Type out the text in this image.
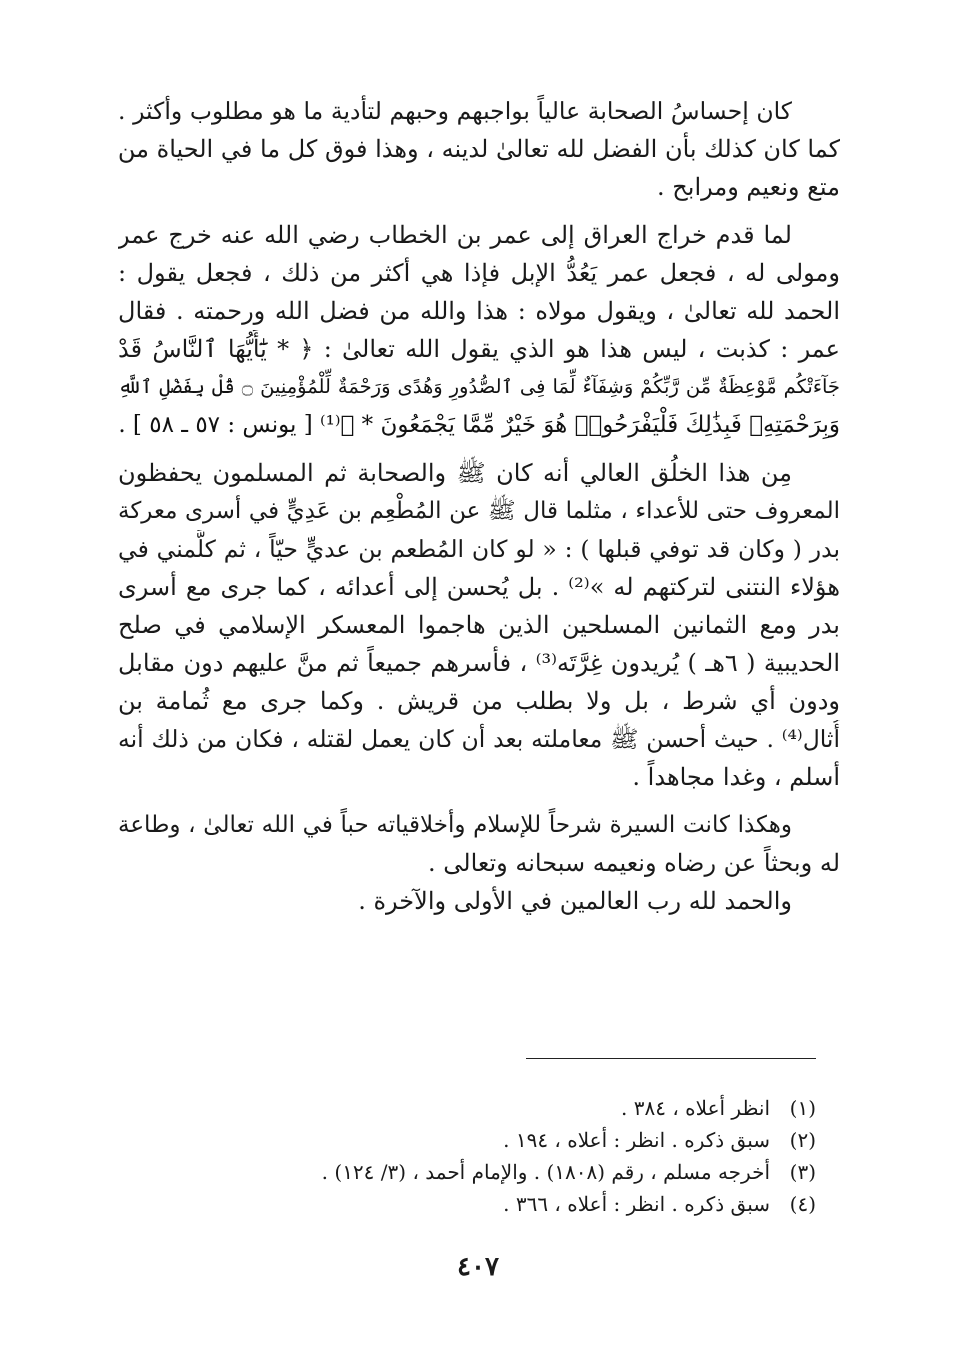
كان إحساسُ الصحابة عالياً بواجبهم وحبهم لتأدية ما هو مطلوب وأكثر .
كما كان كذلك بأن الفضل لله تعالىٰ لدينه ، وهذا فوق كل ما في الحياة من
متع ونعيم ومرابح .
لما قدم خراج العراق إلى عمر بن الخطاب رضي الله عنه خرج عمر
ومولى له ، فجعل عمر يَعُدُّ الإبل فإذا هي أكثر من ذلك ، فجعل يقول :
الحمد لله تعالىٰ ، ويقول مولاه : هذا والله من فضل الله ورحمته . فقال
عمر : كذبت ، ليس هذا هو الذي يقول الله تعالىٰ : ﴿ * يَٰٓأَيُّهَا ٱلنَّاسُ قَدْ
جَآءَتْكُم مَّوْعِظَةٌ مِّن رَّبِّكُمْ وَشِفَآءٌ لِّمَا فِى ٱلصُّدُورِ وَهُدًى وَرَحْمَةٌ لِّلْمُؤْمِنِينَ ۝ قُلْ بِفَضْلِ ٱللَّهِ
وَبِرَحْمَتِهِۦ فَبِذَٰلِكَ فَلْيَفْرَحُوا۟ هُوَ خَيْرٌ مِّمَّا يَجْمَعُونَ * ﴾⁽¹⁾ [ يونس : ٥٧ ـ ٥٨ ] .
مِن هذا الخلُق العالي أنه كان ﷺ والصحابة ثم المسلمون يحفظون
المعروف حتى للأعداء ، مثلما قال ﷺ عن المُطْعِم بن عَدِيٍّ في أسرى معركة
بدر ( وكان قد توفي قبلها ) : « لو كان المُطعم بن عديٍّ حيّاً ، ثم كلَّمني في
هؤلاء النتنى لتركتهم له »⁽²⁾ . بل يُحسن إلى أعدائه ، كما جرى مع أسرى
بدر ومع الثمانين المسلحين الذين هاجموا المعسكر الإسلامي في صلح
الحديبية ( ٦هـ ) يُريدون غِرَّتَه⁽³⁾ ، فأسرهم جميعاً ثم منَّ عليهم دون مقابل
ودون أي شرط ، بل ولا بطلب من قريش . وكما جرى مع ثُمامة بن
أُثال⁽⁴⁾ . حيث أحسن ﷺ معاملته بعد أن كان يعمل لقتله ، فكان من ذلك أنه
أسلم ، وغدا مجاهداً .
وهكذا كانت السيرة شرحاً للإسلام وأخلاقياته حباً في الله تعالىٰ ، وطاعة
له وبحثاً عن رضاه ونعيمه سبحانه وتعالى .
والحمد لله رب العالمين في الأولى والآخرة .
(١)
انظر أعلاه ، ٣٨٤ .
(٢)
سبق ذكره . انظر : أعلاه ، ١٩٤ .
(٣)
أخرجه مسلم ، رقم (١٨٠٨) . والإمام أحمد ، (٣/ ١٢٤) .
(٤)
سبق ذكره . انظر : أعلاه ، ٣٦٦ .
٤٠٧
